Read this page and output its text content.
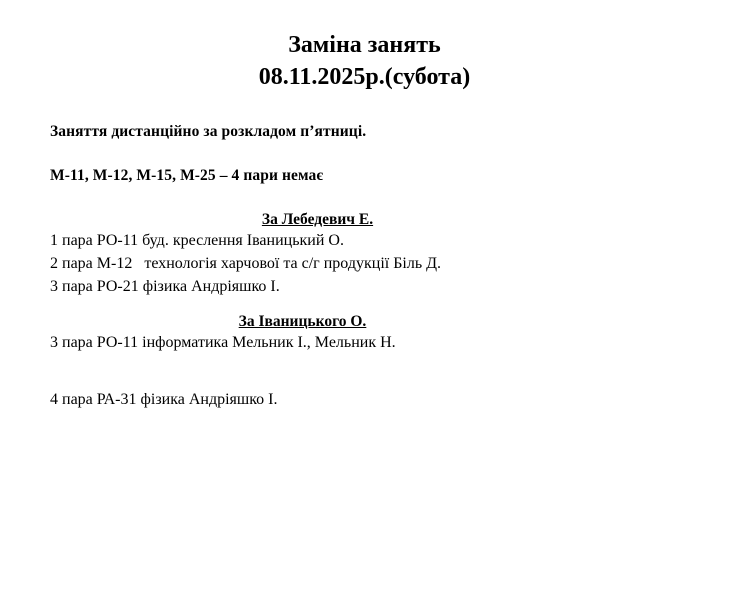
Заміна занять
08.11.2025р.(субота)
Заняття дистанційно за розкладом п’ятниці.
М-11, М-12, М-15, М-25 – 4 пари немає
За Лебедевич Е.
1 пара РО-11 буд. креслення Іваницький О.
2 пара М-12   технологія харчової та с/г продукції Біль Д.
3 пара РО-21 фізика Андріяшко І.
За Іваницького О.
3 пара РО-11 інформатика Мельник І., Мельник Н.
4 пара РА-31 фізика Андріяшко І.
